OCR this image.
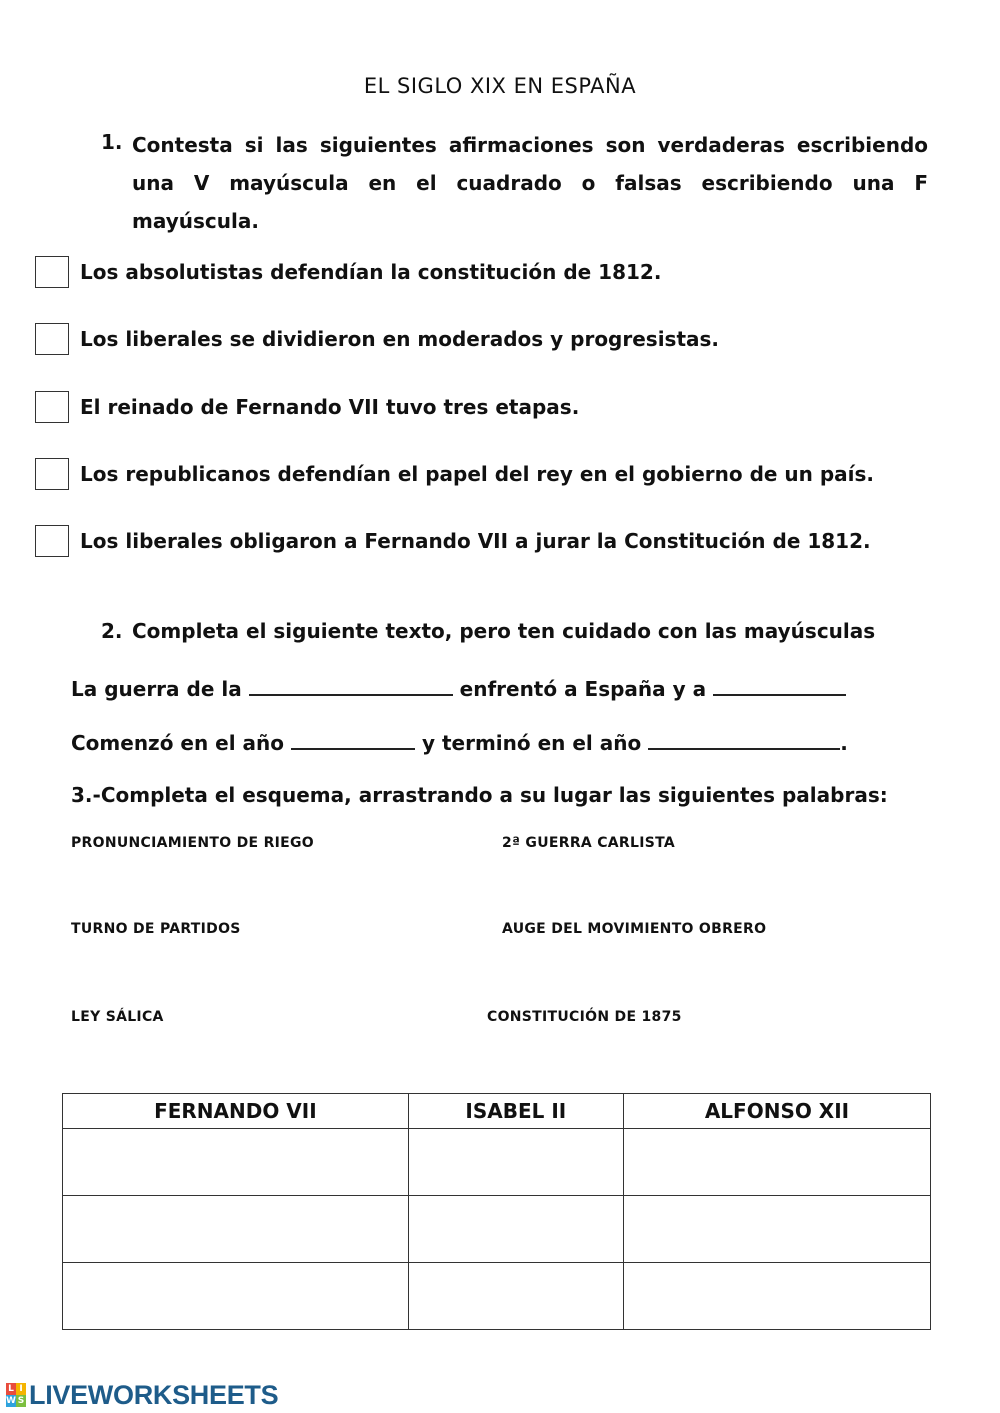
EL SIGLO XIX EN ESPAÑA
1. Contesta si las siguientes afirmaciones son verdaderas escribiendo una V mayúscula en el cuadrado o falsas escribiendo una F mayúscula.
Los absolutistas defendían la constitución de 1812.
Los liberales se dividieron en moderados y progresistas.
El reinado de Fernando VII tuvo tres etapas.
Los republicanos defendían el papel del rey en el gobierno de un país.
Los liberales obligaron a Fernando VII a jurar la Constitución de 1812.
2. Completa el siguiente texto, pero ten cuidado con las mayúsculas
La guerra de la	enfrentó a España y a
Comenzó en el año	y terminó en el año	.
3.-Completa el esquema, arrastrando a su lugar las siguientes palabras:
PRONUNCIAMIENTO DE RIEGO	2ª GUERRA CARLISTA
TURNO DE PARTIDOS	AUGE DEL MOVIMIENTO OBRERO
LEY SÁLICA	CONSTITUCIÓN DE 1875
FERNANDO VII	ISABEL II	ALFONSO XII

L I
W S LIVEWORKSHEETS
